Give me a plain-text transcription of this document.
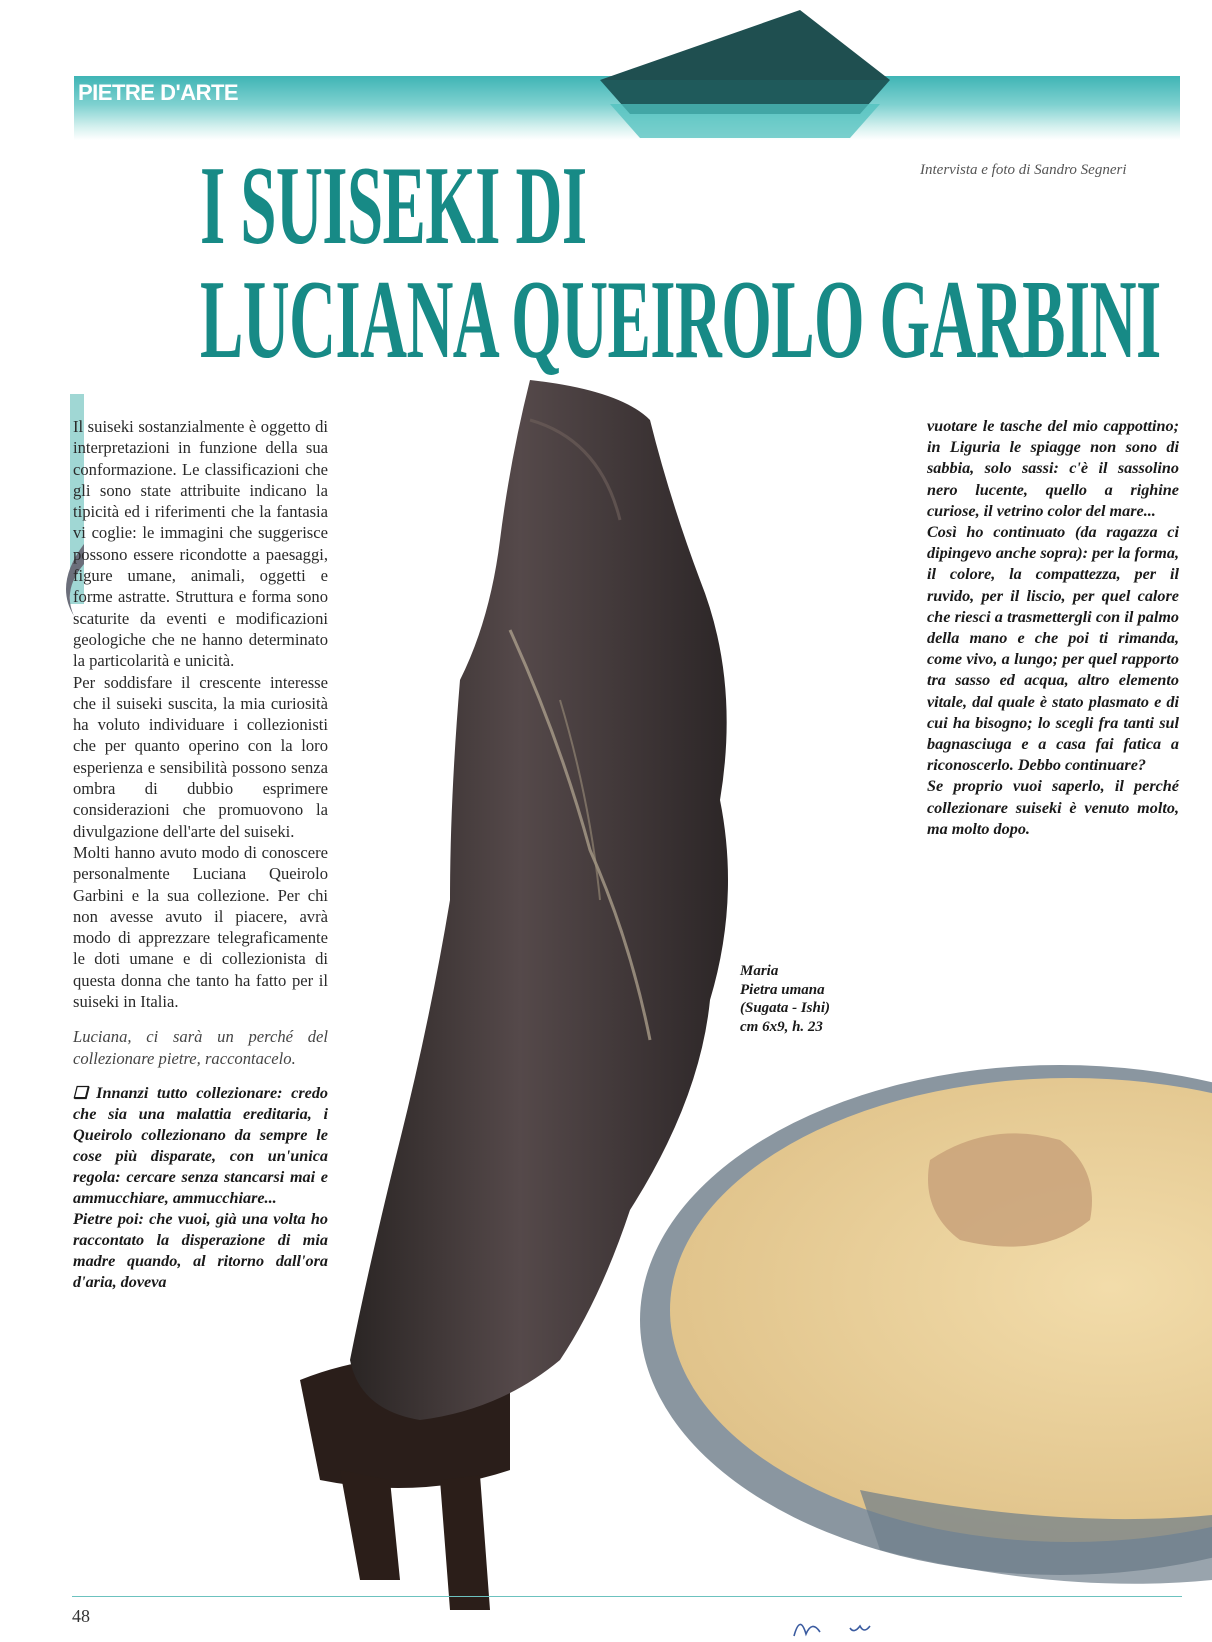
PIETRE D'ARTE
Intervista e foto di Sandro Segneri
I SUISEKI DI
LUCIANA QUEIROLO GARBINI

Il suiseki sostanzialmente è oggetto di interpretazioni in funzione della sua conformazione. Le classificazioni che gli sono state attribuite indicano la tipicità ed i riferimenti che la fantasia vi coglie: le immagini che suggerisce possono essere ricondotte a paesaggi, figure umane, animali, oggetti e forme astratte. Struttura e forma sono scaturite da eventi e modificazioni geologiche che ne hanno determinato la particolarità e unicità.

Per soddisfare il crescente interesse che il suiseki suscita, la mia curiosità ha voluto individuare i collezionisti che per quanto operino con la loro esperienza e sensibilità possono senza ombra di dubbio esprimere considerazioni che promuovono la divulgazione dell'arte del suiseki.

Molti hanno avuto modo di conoscere personalmente Luciana Queirolo Garbini e la sua collezione. Per chi non avesse avuto il piacere, avrà modo di apprezzare telegraficamente le doti umane e di collezionista di questa donna che tanto ha fatto per il suiseki in Italia.

Luciana, ci sarà un perché del collezionare pietre, raccontacelo.

❑ Innanzi tutto collezionare: credo che sia una malattia ereditaria, i Queirolo collezionano da sempre le cose più disparate, con un'unica regola: cercare senza stancarsi mai e ammucchiare, ammucchiare...

Pietre poi: che vuoi, già una volta ho raccontato la disperazione di mia madre quando, al ritorno dall'ora d'aria, doveva

vuotare le tasche del mio cappottino; in Liguria le spiagge non sono di sabbia, solo sassi: c'è il sassolino nero lucente, quello a righine curiose, il vetrino color del mare...

Così ho continuato (da ragazza ci dipingevo anche sopra): per la forma, il colore, la compattezza, per il ruvido, per il liscio, per quel calore che riesci a trasmettergli con il palmo della mano e che poi ti rimanda, come vivo, a lungo; per quel rapporto tra sasso ed acqua, altro elemento vitale, dal quale è stato plasmato e di cui ha bisogno; lo scegli fra tanti sul bagnasciuga e a casa fai fatica a riconoscerlo. Debbo continuare?

Se proprio vuoi saperlo, il perché collezionare suiseki è venuto molto, ma molto dopo.

Maria
Pietra umana
(Sugata - Ishi)
cm 6x9, h. 23
48
